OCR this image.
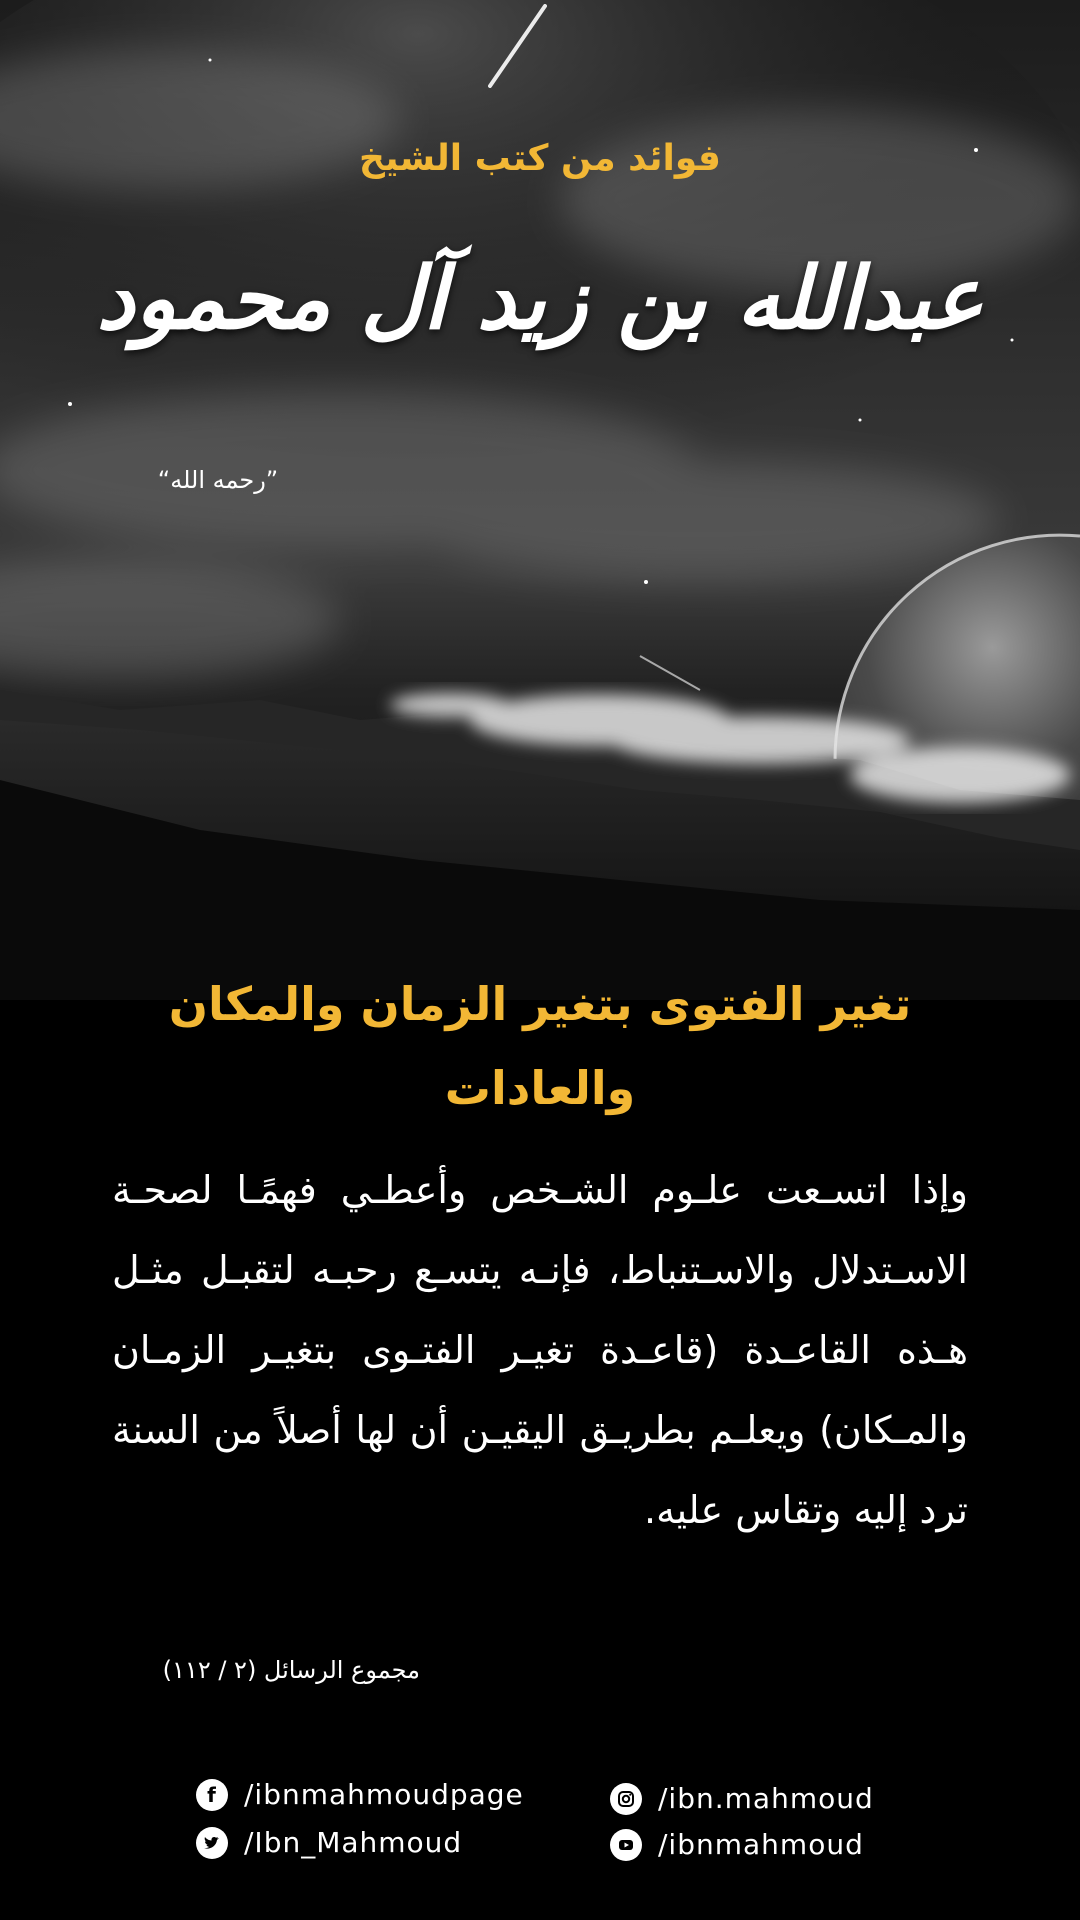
فوائد من كتب الشيخ
عبدالله بن زيد آل محمود
”رحمه الله“
تغير الفتوى بتغير الزمان والمكان والعادات
وإذا اتسـعت علـوم الشـخص وأعطـي فهمًـا لصحـة الاسـتدلال والاسـتنباط، فإنـه يتسـع رحبـه لتقبـل مثـل هـذه القاعـدة (قاعـدة تغيـر الفتـوى بتغيـر الزمـان والمـكان) ويعلـم بطريـق اليقيـن أن لها أصلاً من السنة ترد إليه وتقاس عليه.
مجموع الرسائل (٢ / ١١٢)
f /ibnmahmoudpage
/Ibn_Mahmoud
/ibn.mahmoud
/ibnmahmoud
